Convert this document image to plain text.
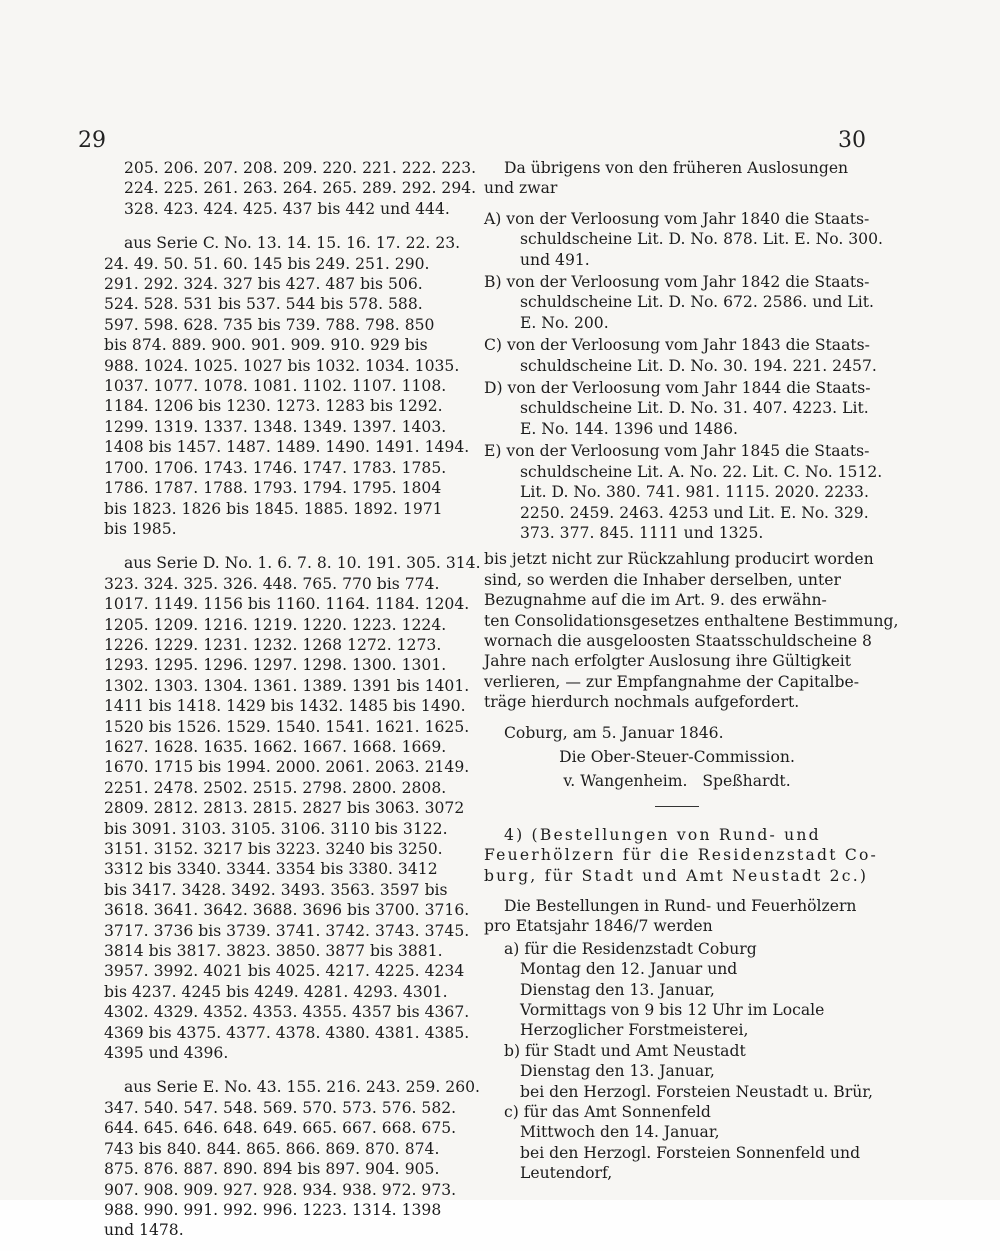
29	30
205. 206. 207. 208. 209. 220. 221. 222. 223.
224. 225. 261. 263. 264. 265. 289. 292. 294.
328. 423. 424. 425. 437 bis 442 und 444.
aus Serie C. No. 13. 14. 15. 16. 17. 22. 23.
24. 49. 50. 51. 60. 145 bis 249. 251. 290.
291. 292. 324. 327 bis 427. 487 bis 506.
524. 528. 531 bis 537. 544 bis 578. 588.
597. 598. 628. 735 bis 739. 788. 798. 850
bis 874. 889. 900. 901. 909. 910. 929 bis
988. 1024. 1025. 1027 bis 1032. 1034. 1035.
1037. 1077. 1078. 1081. 1102. 1107. 1108.
1184. 1206 bis 1230. 1273. 1283 bis 1292.
1299. 1319. 1337. 1348. 1349. 1397. 1403.
1408 bis 1457. 1487. 1489. 1490. 1491. 1494.
1700. 1706. 1743. 1746. 1747. 1783. 1785.
1786. 1787. 1788. 1793. 1794. 1795. 1804
bis 1823. 1826 bis 1845. 1885. 1892. 1971
bis 1985.
aus Serie D. No. 1. 6. 7. 8. 10. 191. 305. 314.
323. 324. 325. 326. 448. 765. 770 bis 774.
1017. 1149. 1156 bis 1160. 1164. 1184. 1204.
1205. 1209. 1216. 1219. 1220. 1223. 1224.
1226. 1229. 1231. 1232. 1268 1272. 1273.
1293. 1295. 1296. 1297. 1298. 1300. 1301.
1302. 1303. 1304. 1361. 1389. 1391 bis 1401.
1411 bis 1418. 1429 bis 1432. 1485 bis 1490.
1520 bis 1526. 1529. 1540. 1541. 1621. 1625.
1627. 1628. 1635. 1662. 1667. 1668. 1669.
1670. 1715 bis 1994. 2000. 2061. 2063. 2149.
2251. 2478. 2502. 2515. 2798. 2800. 2808.
2809. 2812. 2813. 2815. 2827 bis 3063. 3072
bis 3091. 3103. 3105. 3106. 3110 bis 3122.
3151. 3152. 3217 bis 3223. 3240 bis 3250.
3312 bis 3340. 3344. 3354 bis 3380. 3412
bis 3417. 3428. 3492. 3493. 3563. 3597 bis
3618. 3641. 3642. 3688. 3696 bis 3700. 3716.
3717. 3736 bis 3739. 3741. 3742. 3743. 3745.
3814 bis 3817. 3823. 3850. 3877 bis 3881.
3957. 3992. 4021 bis 4025. 4217. 4225. 4234
bis 4237. 4245 bis 4249. 4281. 4293. 4301.
4302. 4329. 4352. 4353. 4355. 4357 bis 4367.
4369 bis 4375. 4377. 4378. 4380. 4381. 4385.
4395 und 4396.
aus Serie E. No. 43. 155. 216. 243. 259. 260.
347. 540. 547. 548. 569. 570. 573. 576. 582.
644. 645. 646. 648. 649. 665. 667. 668. 675.
743 bis 840. 844. 865. 866. 869. 870. 874.
875. 876. 887. 890. 894 bis 897. 904. 905.
907. 908. 909. 927. 928. 934. 938. 972. 973.
988. 990. 991. 992. 996. 1223. 1314. 1398
und 1478.
Da übrigens von den früheren Auslosungen
und zwar
A) von der Verloosung vom Jahr 1840 die Staats-
schuldscheine Lit. D. No. 878. Lit. E. No. 300.
und 491.
B) von der Verloosung vom Jahr 1842 die Staats-
schuldscheine Lit. D. No. 672. 2586. und Lit.
E. No. 200.
C) von der Verloosung vom Jahr 1843 die Staats-
schuldscheine Lit. D. No. 30. 194. 221. 2457.
D) von der Verloosung vom Jahr 1844 die Staats-
schuldscheine Lit. D. No. 31. 407. 4223. Lit.
E. No. 144. 1396 und 1486.
E) von der Verloosung vom Jahr 1845 die Staats-
schuldscheine Lit. A. No. 22. Lit. C. No. 1512.
Lit. D. No. 380. 741. 981. 1115. 2020. 2233.
2250. 2459. 2463. 4253 und Lit. E. No. 329.
373. 377. 845. 1111 und 1325.
bis jetzt nicht zur Rückzahlung producirt worden
sind, so werden die Inhaber derselben, unter
Bezugnahme auf die im Art. 9. des erwähn-
ten Consolidationsgesetzes enthaltene Bestimmung,
wornach die ausgeloosten Staatsschuldscheine 8
Jahre nach erfolgter Auslosung ihre Gültigkeit
verlieren, — zur Empfangnahme der Capitalbe-
träge hierdurch nochmals aufgefordert.
Coburg, am 5. Januar 1846.
Die Ober-Steuer-Commission.
v. Wangenheim.   Speßhardt.
4) (Bestellungen von Rund- und
Feuerhölzern für die Residenzstadt Co-
burg, für Stadt und Amt Neustadt 2c.)
Die Bestellungen in Rund- und Feuerhölzern
pro Etatsjahr 1846/7 werden
a) für die Residenzstadt Coburg
Montag den 12. Januar und
Dienstag den 13. Januar,
Vormittags von 9 bis 12 Uhr im Locale
Herzoglicher Forstmeisterei,
b) für Stadt und Amt Neustadt
Dienstag den 13. Januar,
bei den Herzogl. Forsteien Neustadt u. Brür,
c) für das Amt Sonnenfeld
Mittwoch den 14. Januar,
bei den Herzogl. Forsteien Sonnenfeld und
Leutendorf,
